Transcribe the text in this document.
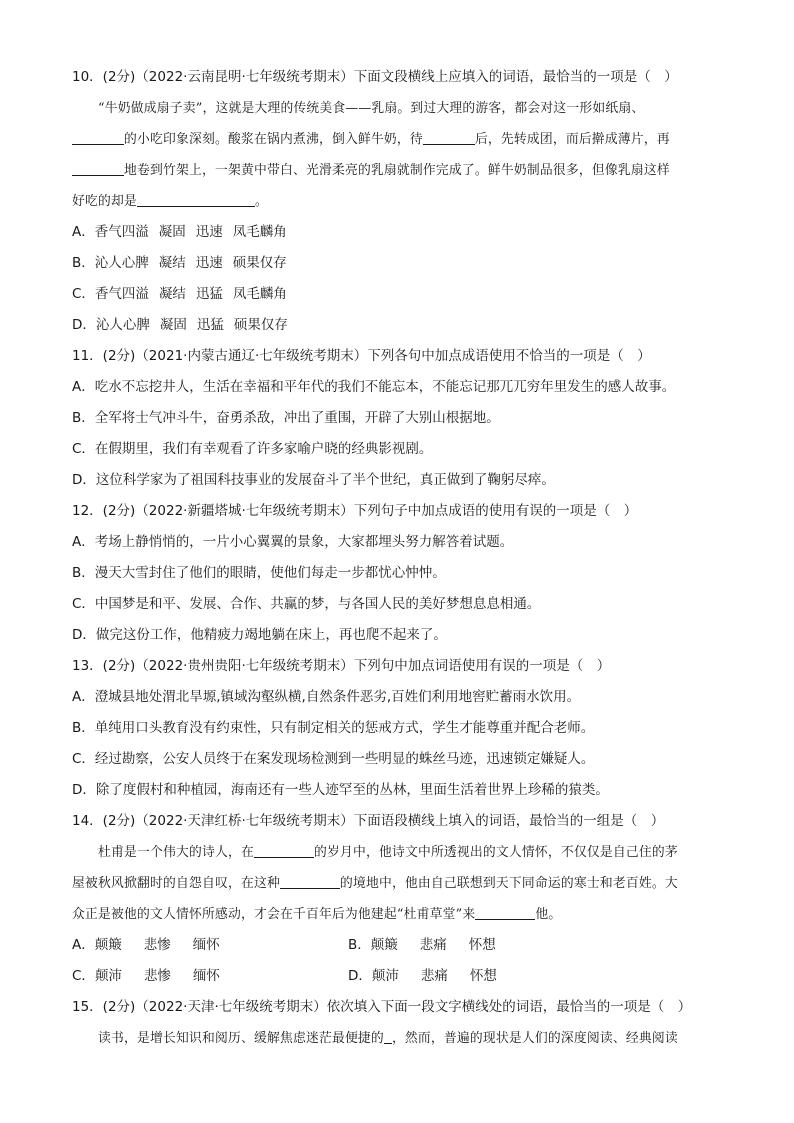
10．(2分)（2022·云南昆明·七年级统考期末）下面文段横线上应填入的词语，最恰当的一项是（　）
“牛奶做成扇子卖”，这就是大理的传统美食——乳扇。到过大理的游客，都会对这一形如纸扇、
的小吃印象深刻。酸浆在锅内煮沸，倒入鲜牛奶，待	后，先转成团，而后擀成薄片，再
地卷到竹架上，一架黄中带白、光滑柔亮的乳扇就制作完成了。鲜牛奶制品很多，但像乳扇这样
好吃的却是	。
A．香气四溢 凝固 迅速 凤毛麟角
B．沁人心脾 凝结 迅速 硕果仅存
C．香气四溢 凝结 迅猛 凤毛麟角
D．沁人心脾 凝固 迅猛 硕果仅存
11．(2分)（2021·内蒙古通辽·七年级统考期末）下列各句中加点成语使用不恰当的一项是（　）
A．吃水不忘挖井人，生活在幸福和平年代的我们不能忘本，不能忘记那兀兀穷年里发生的感人故事。
B．全军将士气冲斗牛，奋勇杀敌，冲出了重围，开辟了大别山根据地。
C．在假期里，我们有幸观看了许多家喻户晓的经典影视剧。
D．这位科学家为了祖国科技事业的发展奋斗了半个世纪，真正做到了鞠躬尽瘁。
12．(2分)（2022·新疆塔城·七年级统考期末）下列句子中加点成语的使用有误的一项是（　）
A．考场上静悄悄的，一片小心翼翼的景象，大家都埋头努力解答着试题。
B．漫天大雪封住了他们的眼睛，使他们每走一步都忧心忡忡。
C．中国梦是和平、发展、合作、共赢的梦，与各国人民的美好梦想息息相通。
D．做完这份工作，他精疲力竭地躺在床上，再也爬不起来了。
13．(2分)（2022·贵州贵阳·七年级统考期末）下列句中加点词语使用有误的一项是（　）
A．澄城县地处渭北旱塬,镇域沟壑纵横,自然条件恶劣,百姓们利用地窖贮蓄雨水饮用。
B．单纯用口头教育没有约束性，只有制定相关的惩戒方式，学生才能尊重并配合老师。
C．经过勘察，公安人员终于在案发现场检测到一些明显的蛛丝马迹，迅速锁定嫌疑人。
D．除了度假村和种植园，海南还有一些人迹罕至的丛林，里面生活着世界上珍稀的猿类。
14．(2分)（2022·天津红桥·七年级统考期末）下面语段横线上填入的词语，最恰当的一组是（　）
杜甫是一个伟大的诗人，在	的岁月中，他诗文中所透视出的文人情怀，不仅仅是自己住的茅
屋被秋风掀翻时的自怨自叹，在这种	的境地中，他由自己联想到天下同命运的寒士和老百姓。大
众正是被他的文人情怀所感动，才会在千百年后为他建起“杜甫草堂”来	他。
A．颠簸 悲惨 缅怀	B．颠簸 悲痛 怀想
C．颠沛 悲惨 缅怀	D．颠沛 悲痛 怀想
15．(2分)（2022·天津·七年级统考期末）依次填入下面一段文字横线处的词语，最恰当的一项是（　）
读书，是增长知识和阅历、缓解焦虑迷茫最便捷的 ，然而，普遍的现状是人们的深度阅读、经典阅读
